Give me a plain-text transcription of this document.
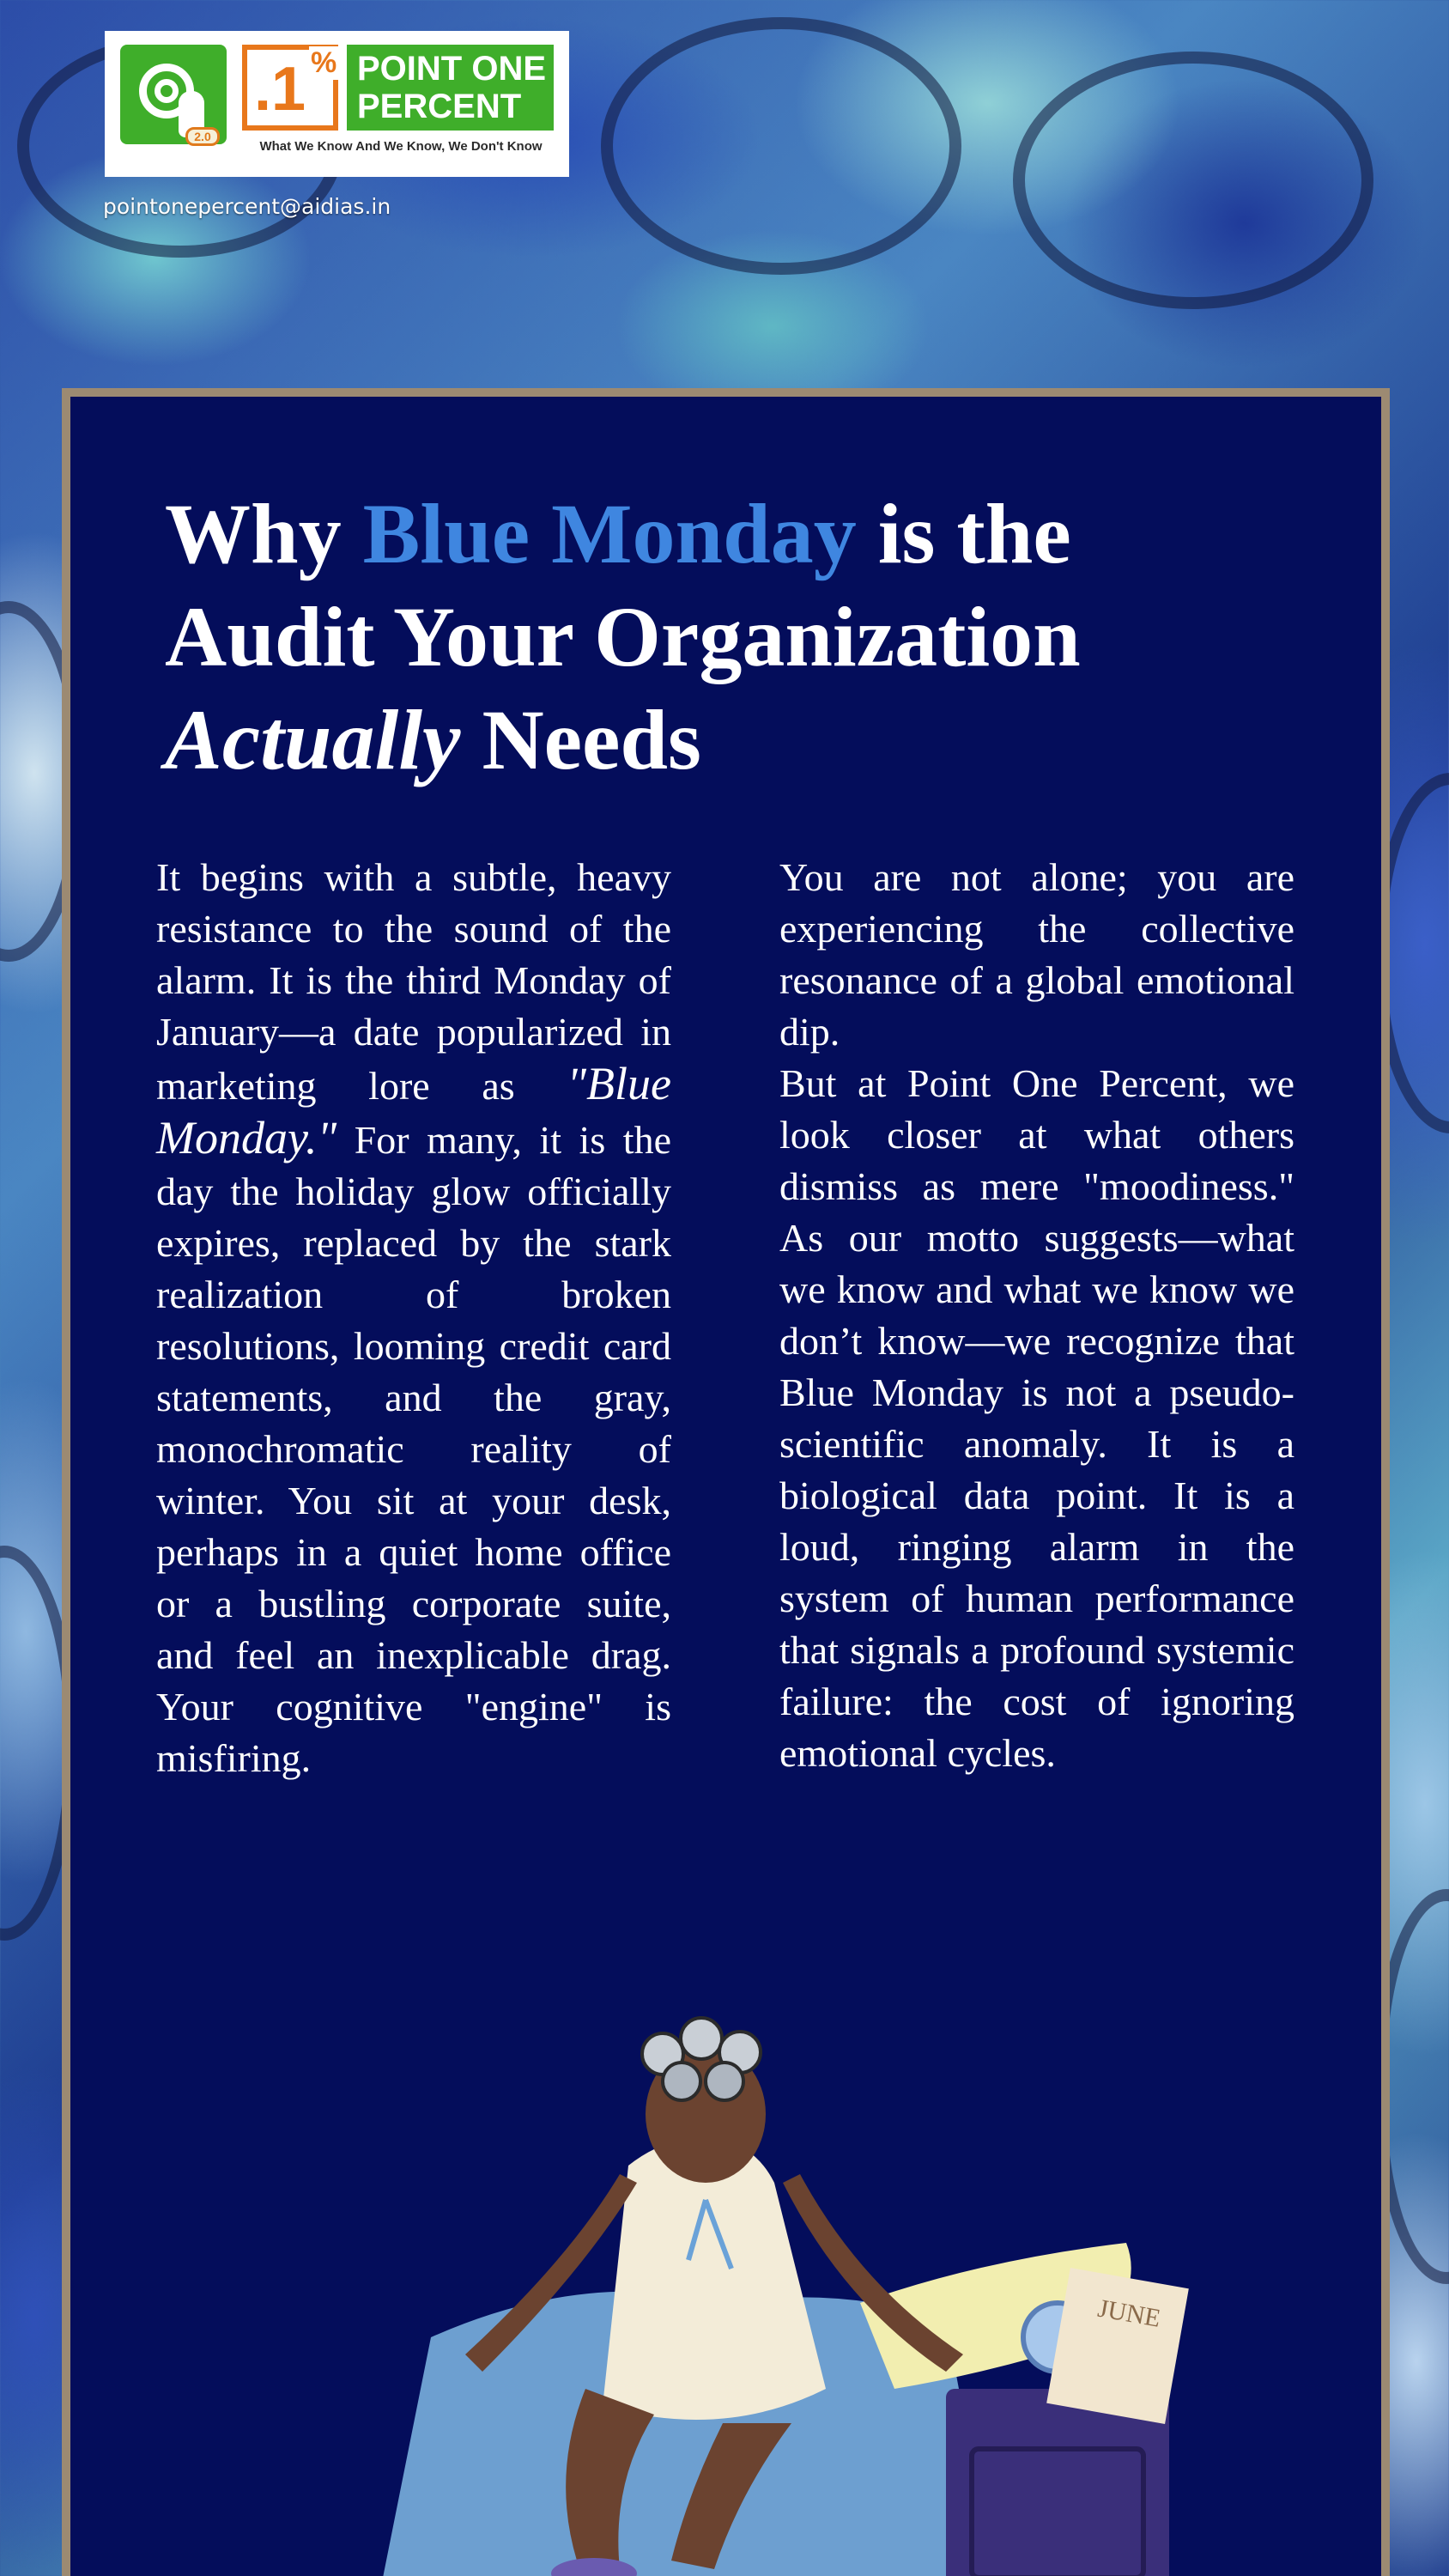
2.0
.1 % POINT ONE
PERCENT
What We Know And We Know, We Don't Know
pointonepercent@aidias.in
Why Blue Monday is the
Audit Your Organization
Actually Needs
It begins with a subtle, heavy resistance to the sound of the alarm. It is the third Monday of January—a date popularized in marketing lore as "Blue Monday." For many, it is the day the holiday glow officially expires, replaced by the stark realization of broken resolutions, looming credit card statements, and the gray, monochromatic reality of winter. You sit at your desk, perhaps in a quiet home office or a bustling corporate suite, and feel an inexplicable drag. Your cognitive "engine" is misfiring.

You are not alone; you are experiencing the collective resonance of a global emotional dip.

But at Point One Percent, we look closer at what others dismiss as mere "moodiness." As our motto suggests—what we know and what we know we don’t know—we recognize that Blue Monday is not a pseudo-scientific anomaly. It is a biological data point. It is a loud, ringing alarm in the system of human performance that signals a profound systemic failure: the cost of ignoring emotional cycles.

JUNE
